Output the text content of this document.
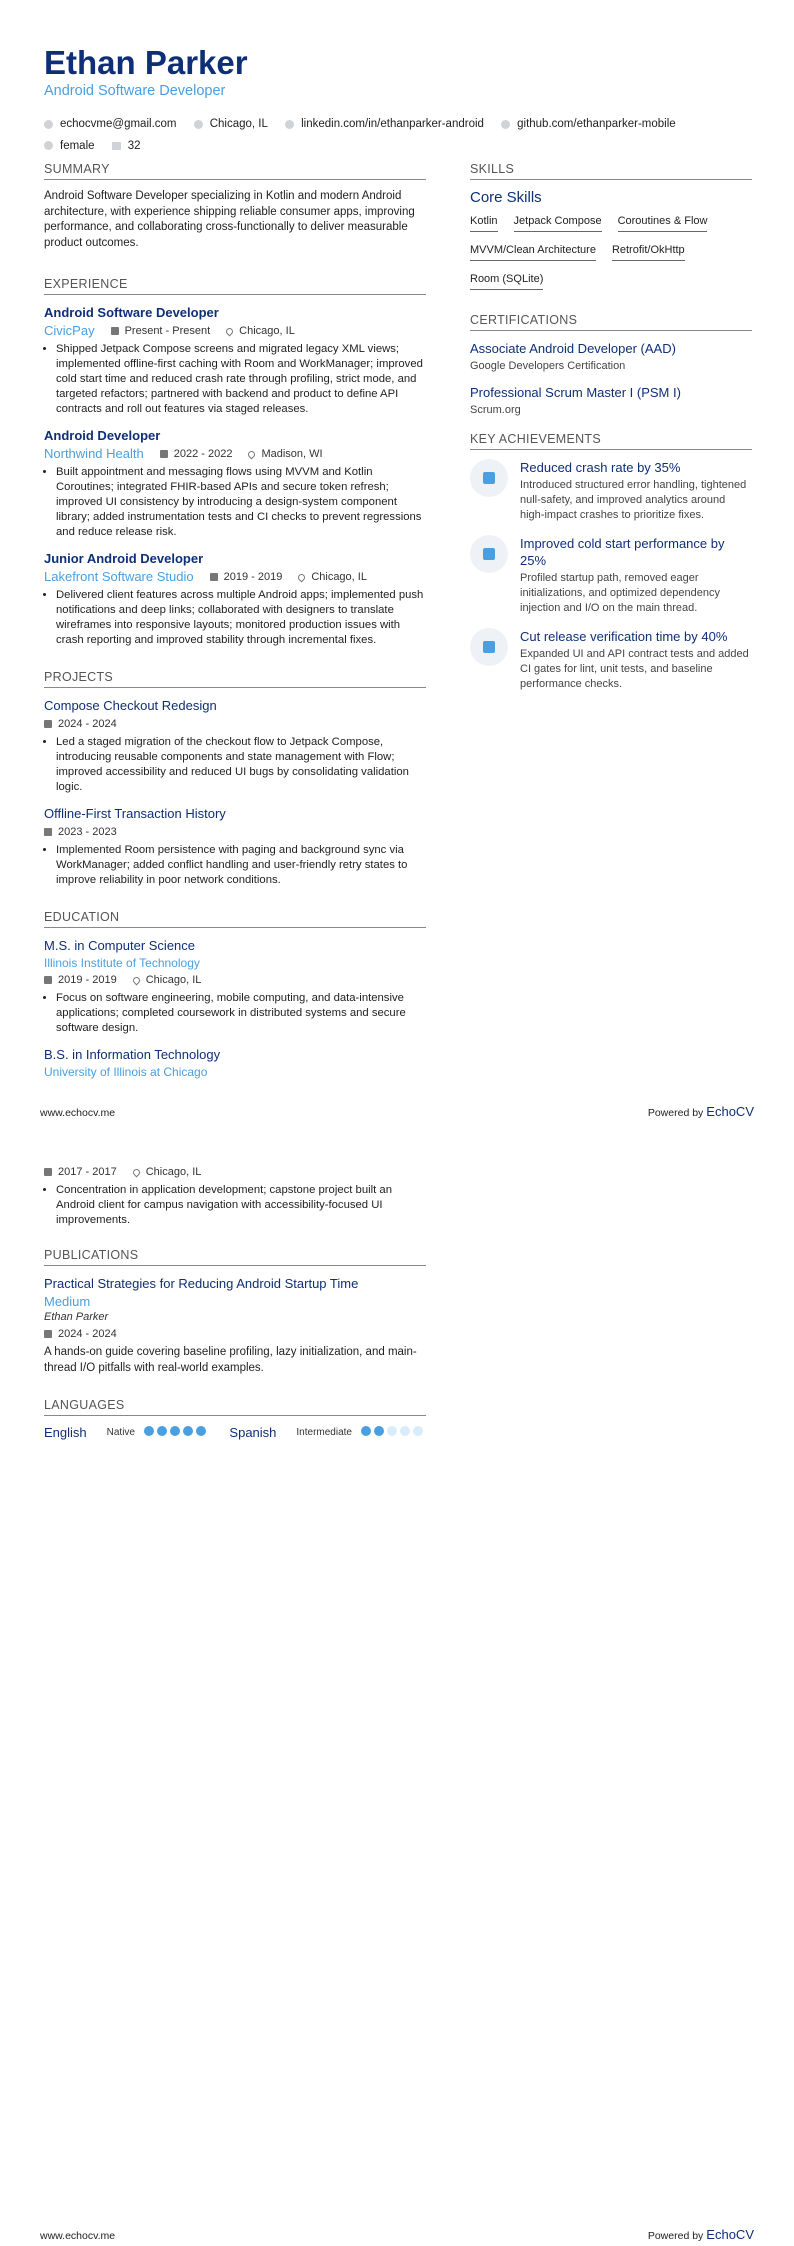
Ethan Parker
Android Software Developer
echocvme@gmail.com
	Chicago, IL
	linkedin.com/in/ethanparker-android
	github.com/ethanparker-mobile

female
	32
SUMMARY
Android Software Developer specializing in Kotlin and modern Android architecture, with experience shipping reliable consumer apps, improving performance, and collaborating cross-functionally to deliver measurable product outcomes.
EXPERIENCE
Android Software Developer
CivicPay	Present - Present	Chicago, IL
• Shipped Jetpack Compose screens and migrated legacy XML views; implemented offline-first caching with Room and WorkManager; improved cold start time and reduced crash rate through profiling, strict mode, and targeted refactors; partnered with backend and product to define API contracts and roll out features via staged releases.
Android Developer
Northwind Health	2022 - 2022	Madison, WI
• Built appointment and messaging flows using MVVM and Kotlin Coroutines; integrated FHIR-based APIs and secure token refresh; improved UI consistency by introducing a design-system component library; added instrumentation tests and CI checks to prevent regressions and reduce release risk.
Junior Android Developer
Lakefront Software Studio	2019 - 2019	Chicago, IL
• Delivered client features across multiple Android apps; implemented push notifications and deep links; collaborated with designers to translate wireframes into responsive layouts; monitored production issues with crash reporting and improved stability through incremental fixes.
PROJECTS
Compose Checkout Redesign
2024 - 2024
• Led a staged migration of the checkout flow to Jetpack Compose, introducing reusable components and state management with Flow; improved accessibility and reduced UI bugs by consolidating validation logic.
Offline-First Transaction History
2023 - 2023
• Implemented Room persistence with paging and background sync via WorkManager; added conflict handling and user-friendly retry states to improve reliability in poor network conditions.
EDUCATION
M.S. in Computer Science
Illinois Institute of Technology
2019 - 2019	Chicago, IL
• Focus on software engineering, mobile computing, and data-intensive applications; completed coursework in distributed systems and secure software design.
B.S. in Information Technology
University of Illinois at Chicago
SKILLS
Core Skills
Kotlin Jetpack Compose Coroutines & Flow
MVVM/Clean Architecture Retrofit/OkHttp
Room (SQLite)
CERTIFICATIONS
Associate Android Developer (AAD)
Google Developers Certification
Professional Scrum Master I (PSM I)
Scrum.org
KEY ACHIEVEMENTS
Reduced crash rate by 35%
Introduced structured error handling, tightened null-safety, and improved analytics around high-impact crashes to prioritize fixes.
Improved cold start performance by 25%
Profiled startup path, removed eager initializations, and optimized dependency injection and I/O on the main thread.
Cut release verification time by 40%
Expanded UI and API contract tests and added CI gates for lint, unit tests, and baseline performance checks.
www.echocv.me	Powered by EchoCV
2017 - 2017	Chicago, IL
• Concentration in application development; capstone project built an Android client for campus navigation with accessibility-focused UI improvements.
PUBLICATIONS
Practical Strategies for Reducing Android Startup Time
Medium
Ethan Parker
2024 - 2024
A hands-on guide covering baseline profiling, lazy initialization, and main-thread I/O pitfalls with real-world examples.
LANGUAGES
English Native	Spanish Intermediate
www.echocv.me	Powered by EchoCV
